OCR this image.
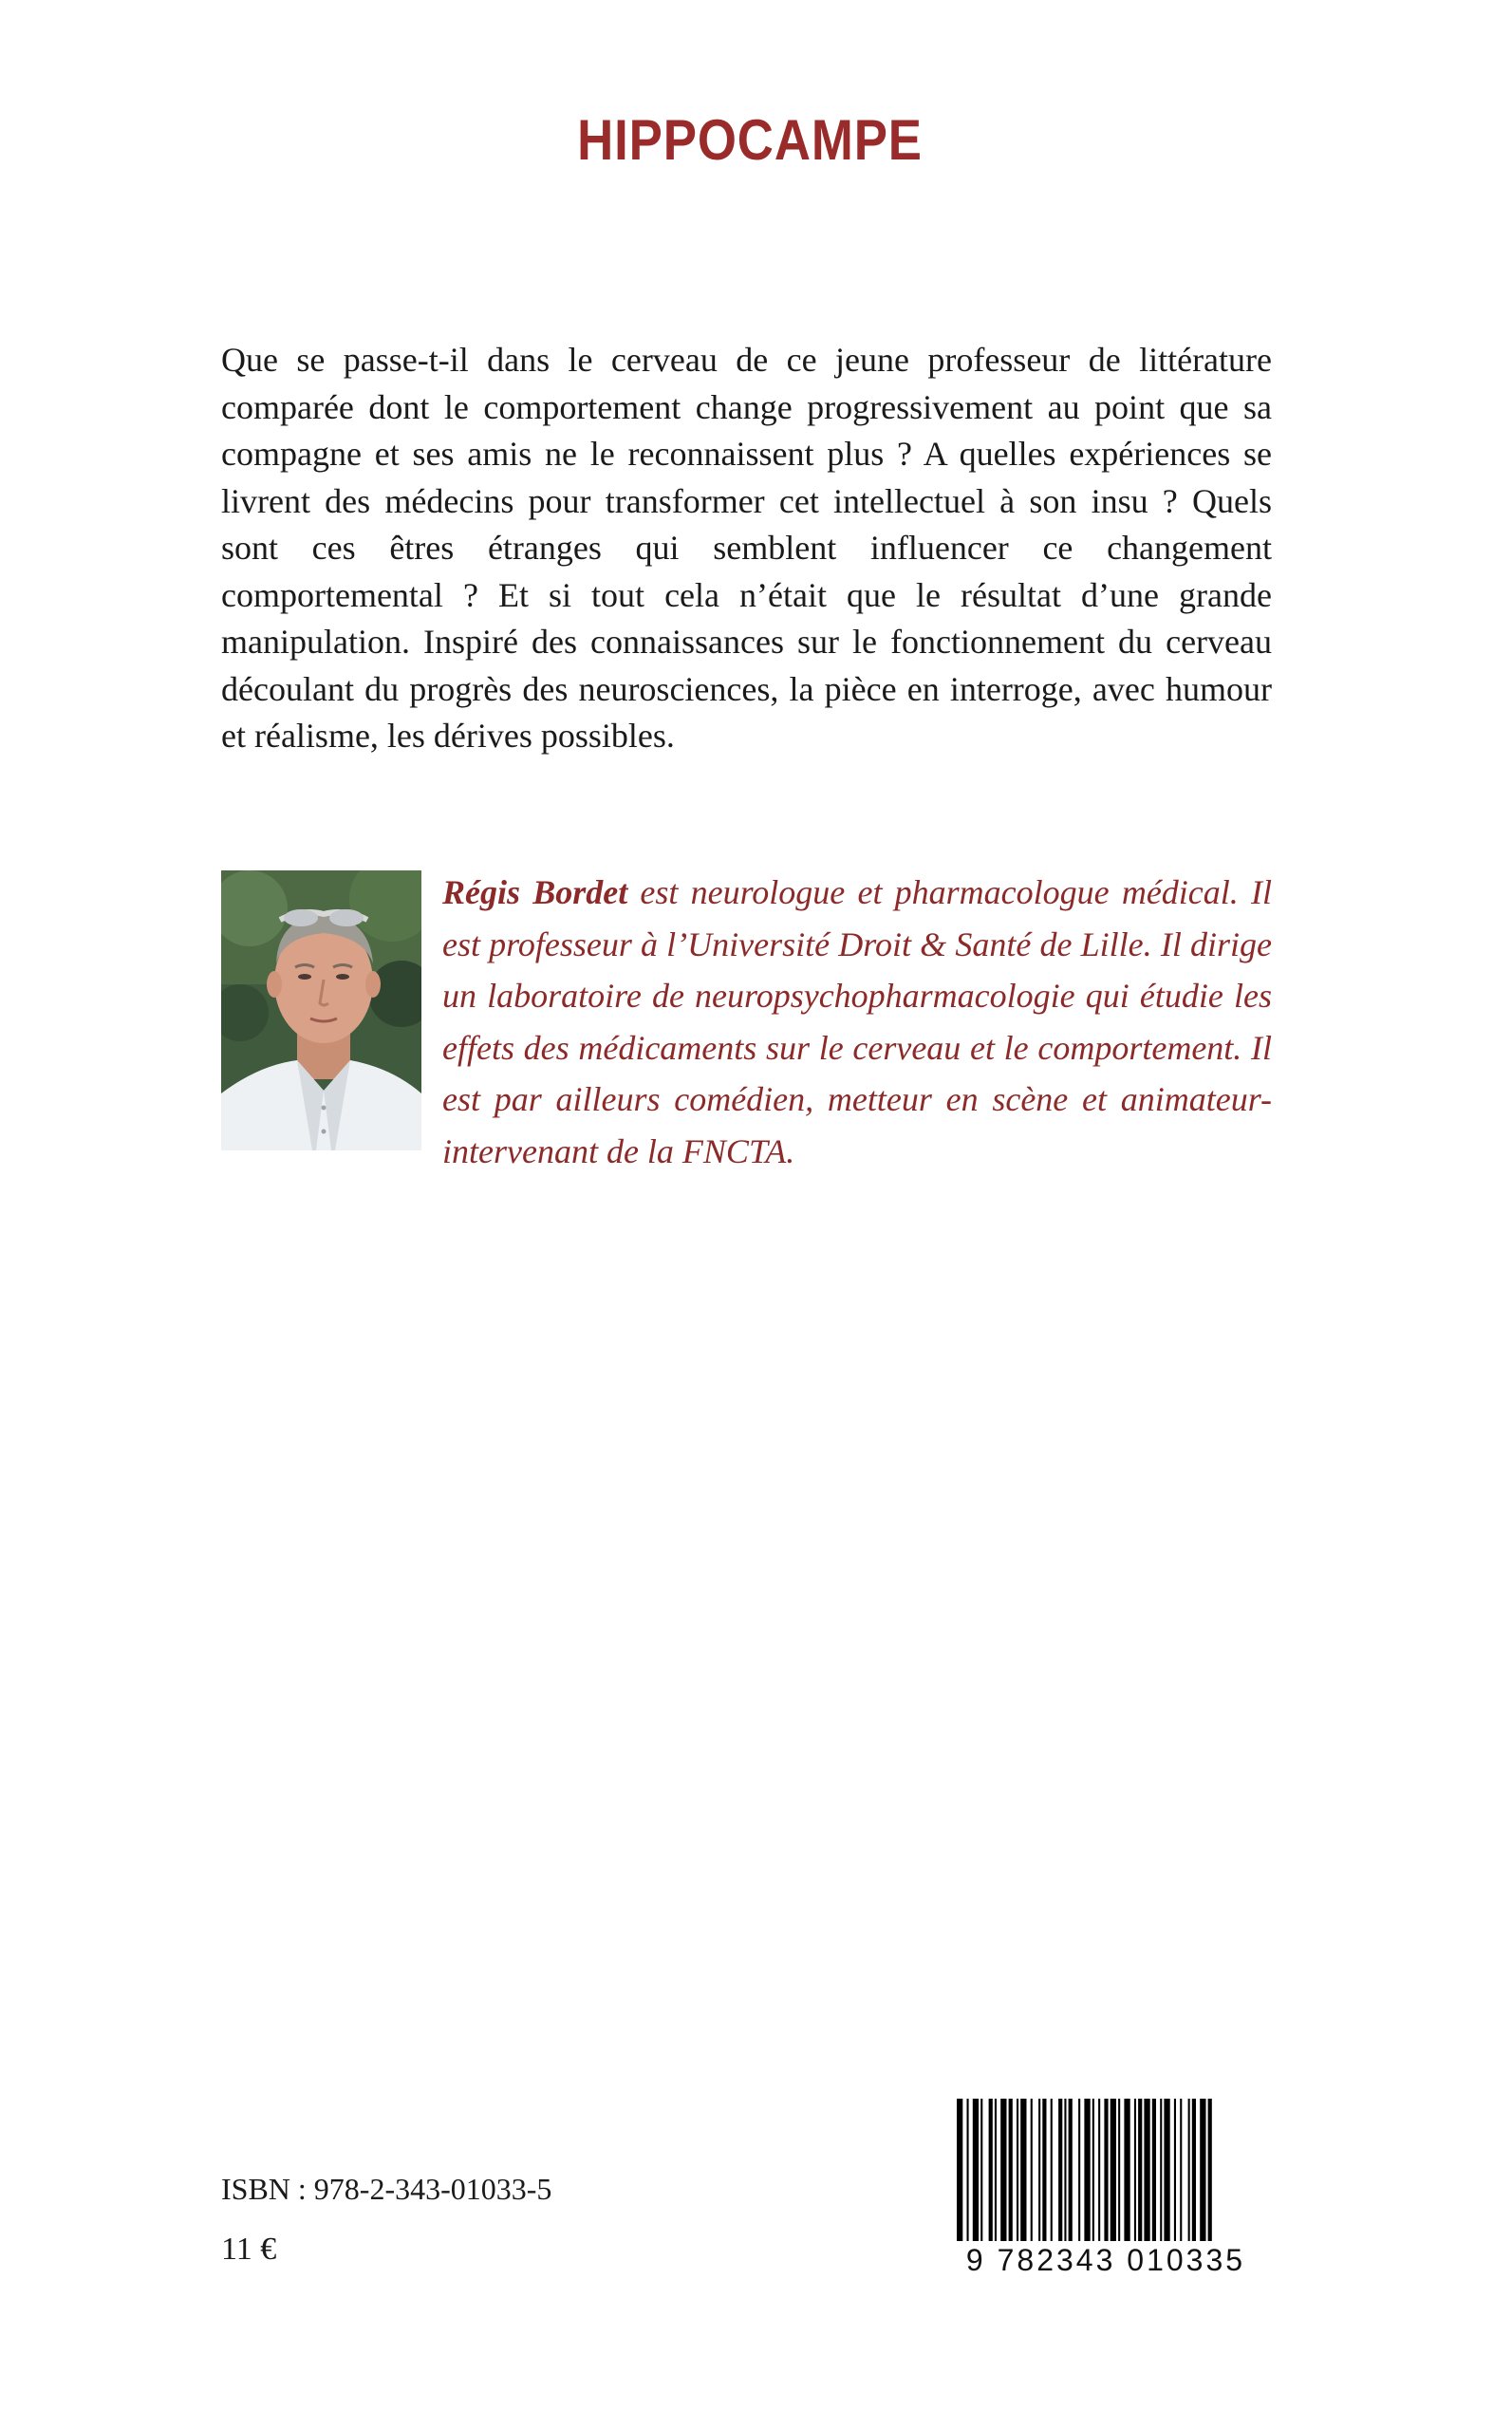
HIPPOCAMPE
Que se passe-t-il dans le cerveau de ce jeune professeur de littérature comparée dont le comportement change progressivement au point que sa compagne et ses amis ne le reconnaissent plus ? A quelles expériences se livrent des médecins pour transformer cet intellectuel à son insu ? Quels sont ces êtres étranges qui semblent influencer ce changement comportemental ? Et si tout cela n’était que le résultat d’une grande manipulation. Inspiré des connaissances sur le fonctionnement du cerveau découlant du progrès des neurosciences, la pièce en interroge, avec humour et réalisme, les dérives possibles.
Régis Bordet est neurologue et pharmacologue médical. Il est professeur à l’Université Droit & Santé de Lille. Il dirige un laboratoire de neuropsychopharmacologie qui étudie les effets des médicaments sur le cerveau et le comportement. Il est par ailleurs comédien, metteur en scène et animateur-intervenant de la FNCTA.
ISBN : 978-2-343-01033-5
11 €	9 782343 010335
